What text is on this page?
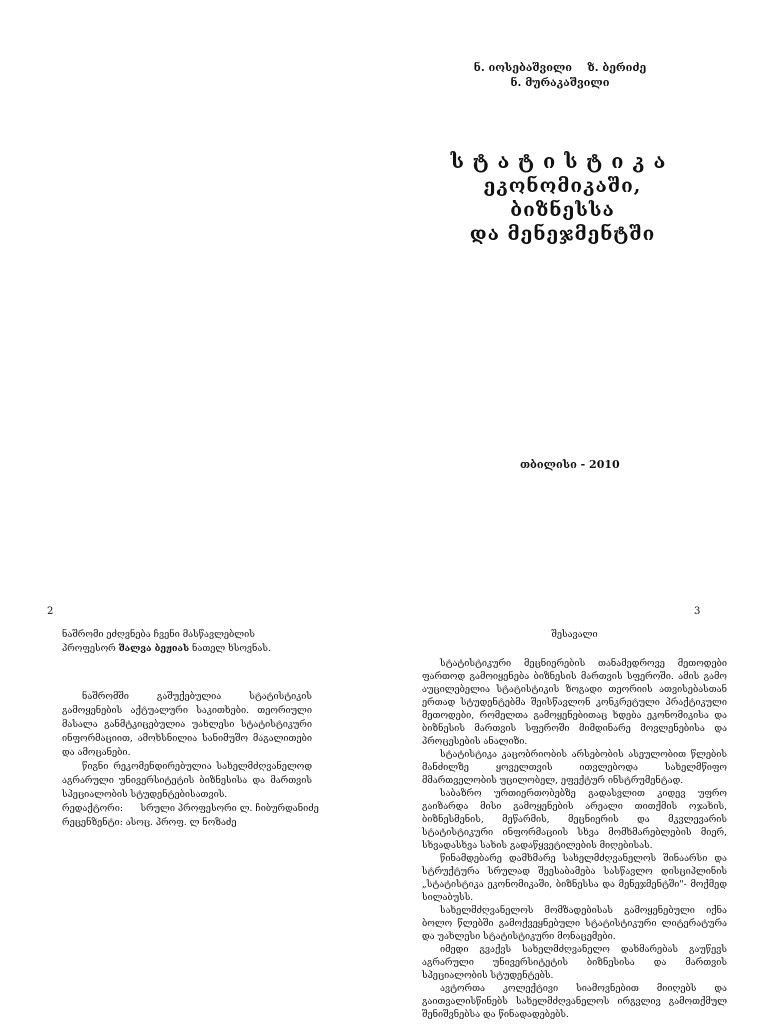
ნ. იოსებაშვილი    ზ. ბერიძე
ნ. მურაკაშვილი
სტატისტიკა
ეკონომიკაში, ბიზნესსა
და მენეჯმენტში
თბილისი - 2010
2	3

ნაშრომი ეძღვნება ჩვენი მასწავლებლის

პროფესორ შალვა ბეჟიას ნათელ ხსოვნას.

ნაშრომში გაშუქებულია სტატისტიკის გამოყენების აქტუალური საკითხები. თეორიული მასალა განმტკიცებულია უახლესი სტატისტიკური ინფორმაციით, ამოხსნილია სანიმუშო მაგალითები და ამოცანები.

წიგნი რეკომენდირებულია სახელმძღვანელოდ აგრარული უნივერსიტეტის ბიზნესისა და მართვის სპეციალობის სტუდენტებისათვის.

რედაქტორი:      სრული პროფესორი ლ. ჩიბურდანიძე

რეცენზენტი: ასოც. პროფ. ლ ნოზაძე

შესავალი

სტატისტიკური მეცნიერების თანამედროვე მეთოდები ფართოდ გამოიყენება ბიზნესის მართვის სფეროში. ამის გამო აუცილებელია სტატისტიკის ზოგადი თეორიის ათვისებასთან ერთად სტუდენტებმა შეისწავლონ კონკრეტული პრაქტიკული მეთოდები, რომელთა გამოყენებითაც ხდება ეკონომიკისა და ბიზნესის მართვის სფეროში მიმდინარე მოვლენებისა და პროცესების ანალიზი.

სტატისტიკა კაცობრიობის არსებობის ასეულობით წლების მანძილზე ყოველთვის ითვლებოდა სახელმწიფო მმართველობის უცილობელ, ეფექტურ ინსტრუმენტად.

საბაზრო ურთიერთობებზე გადასვლით კიდევ უფრო გაიზარდა მისი გამოყენების არეალი თითქმის ოჯახის, ბიზნესმენის, მეწარმის, მეცნიერის და მკვლევარის სტატისტიკური ინფორმაციის სხვა მომხმარებლების მიერ, სხვადასხვა სახის გადაწყვეტილების მიღებისას.

წინამდებარე დამხმარე სახელმძღვანელოს შინაარსი და სტრუქტურა სრულად შეესაბამება სასწავლო დისციპლინის „სტატისტიკა ეკონომიკაში, ბიზნესსა და მენეჯმენტში"- მოქმედ სილაბუსს.

სახელმძღვანელოს მომზადებისას გამოყენებული იქნა ბოლო წლებში გამოქვეყნებული სტატისტიკური ლიტერატურა და უახლესი სტატისტიკური მონაცემები.

იმედი გვაქვს სახელმძღვანელო დახმარებას გაუწევს აგრარული უნივერსიტეტის ბიზნესისა და მართვის სპეციალობის სტუდენტებს.

ავტორთა კოლექტივი სიამოვნებით მიიღებს და გაითვალისწინებს სახელმძღვანელოს ირგვლივ გამოთქმულ შენიშვნებსა და წინადადებებს.
